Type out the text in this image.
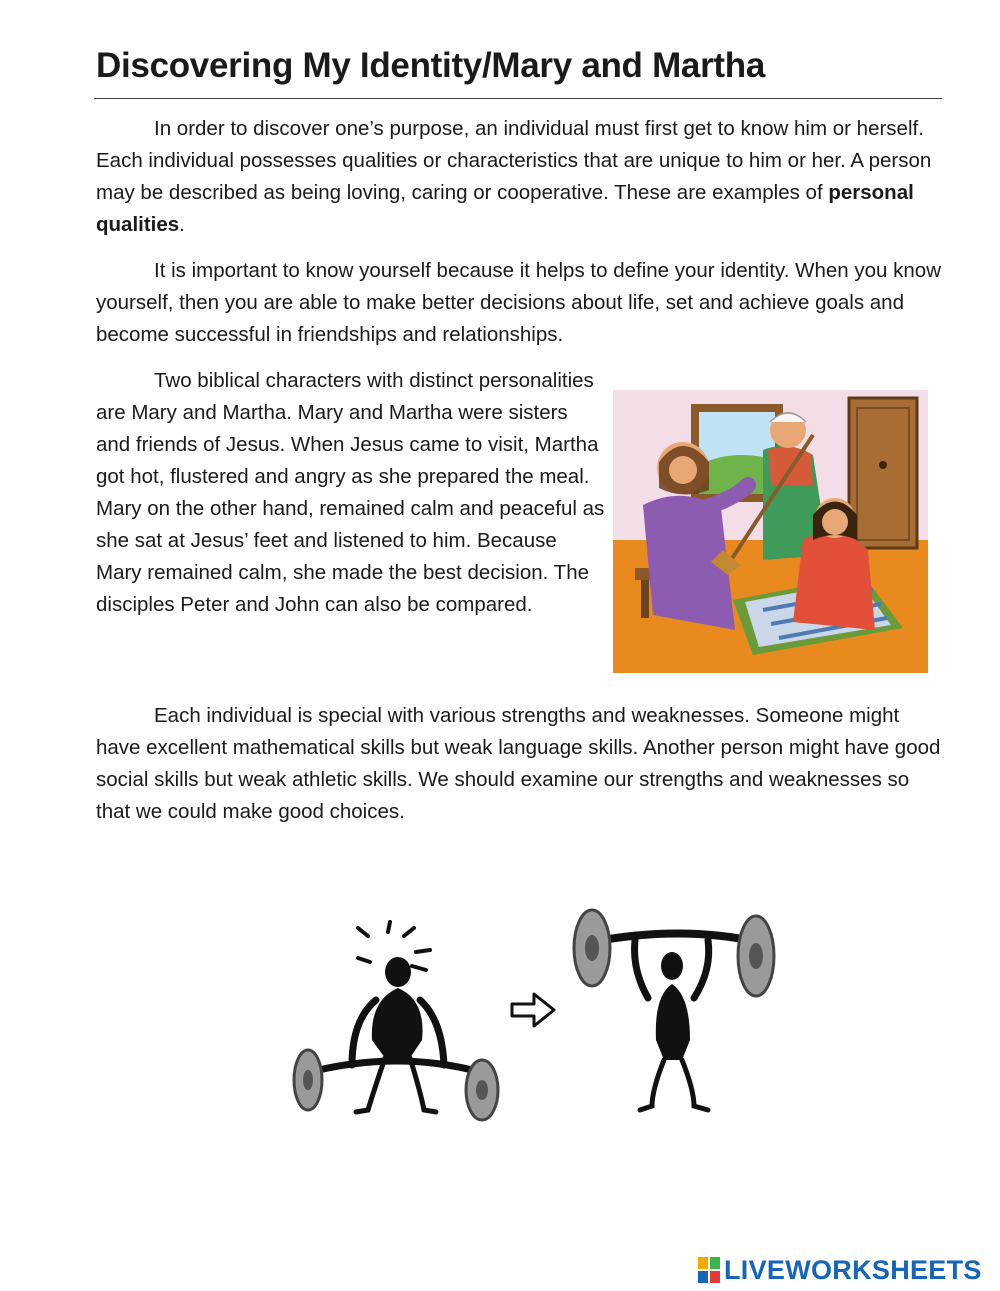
Discovering My Identity/Mary and Martha

In order to discover one’s purpose, an individual must first get to know him or herself. Each individual possesses qualities or characteristics that are unique to him or her. A person may be described as being loving, caring or cooperative. These are examples of personal qualities.

It is important to know yourself because it helps to define your identity. When you know yourself, then you are able to make better decisions about life, set and achieve goals and become successful in friendships and relationships.

Two biblical characters with distinct personalities are Mary and Martha. Mary and Martha were sisters and friends of Jesus. When Jesus came to visit, Martha got hot, flustered and angry as she prepared the meal. Mary on the other hand, remained calm and peaceful as she sat at Jesus’ feet and listened to him. Because Mary remained calm, she made the best decision. The disciples Peter and John can also be compared.

Each individual is special with various strengths and weaknesses. Someone might have excellent mathematical skills but weak language skills. Another person might have good social skills but weak athletic skills. We should examine our strengths and weaknesses so that we could make good choices.

LIVEWORKSHEETS
